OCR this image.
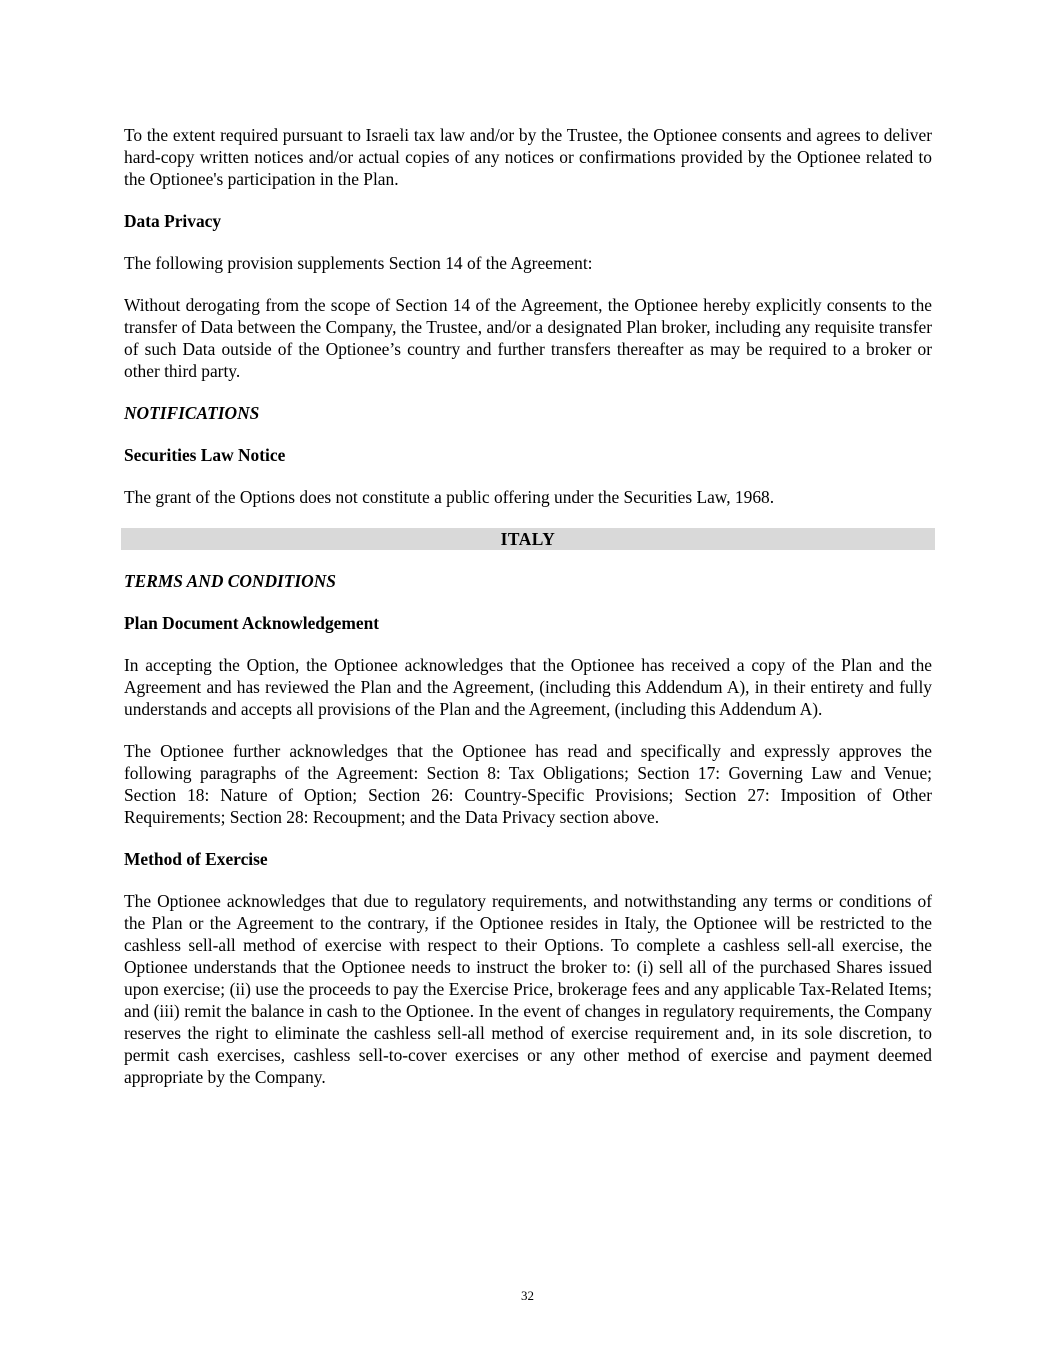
To the extent required pursuant to Israeli tax law and/or by the Trustee, the Optionee consents and agrees to deliver hard-copy written notices and/or actual copies of any notices or confirmations provided by the Optionee related to the Optionee's participation in the Plan.

Data Privacy

The following provision supplements Section 14 of the Agreement:

Without derogating from the scope of Section 14 of the Agreement, the Optionee hereby explicitly consents to the transfer of Data between the Company, the Trustee, and/or a designated Plan broker, including any requisite transfer of such Data outside of the Optionee’s country and further transfers thereafter as may be required to a broker or other third party.

NOTIFICATIONS
Securities Law Notice

The grant of the Options does not constitute a public offering under the Securities Law, 1968.

ITALY
TERMS AND CONDITIONS
Plan Document Acknowledgement

In accepting the Option, the Optionee acknowledges that the Optionee has received a copy of the Plan and the Agreement and has reviewed the Plan and the Agreement, (including this Addendum A), in their entirety and fully understands and accepts all provisions of the Plan and the Agreement, (including this Addendum A).

The Optionee further acknowledges that the Optionee has read and specifically and expressly approves the following paragraphs of the Agreement: Section 8: Tax Obligations; Section 17: Governing Law and Venue; Section 18: Nature of Option; Section 26: Country-Specific Provisions; Section 27: Imposition of Other Requirements; Section 28: Recoupment; and the Data Privacy section above.

Method of Exercise

The Optionee acknowledges that due to regulatory requirements, and notwithstanding any terms or conditions of the Plan or the Agreement to the contrary, if the Optionee resides in Italy, the Optionee will be restricted to the cashless sell-all method of exercise with respect to their Options. To complete a cashless sell-all exercise, the Optionee understands that the Optionee needs to instruct the broker to: (i) sell all of the purchased Shares issued upon exercise; (ii) use the proceeds to pay the Exercise Price, brokerage fees and any applicable Tax-Related Items; and (iii) remit the balance in cash to the Optionee. In the event of changes in regulatory requirements, the Company reserves the right to eliminate the cashless sell-all method of exercise requirement and, in its sole discretion, to permit cash exercises, cashless sell-to-cover exercises or any other method of exercise and payment deemed appropriate by the Company.

32
